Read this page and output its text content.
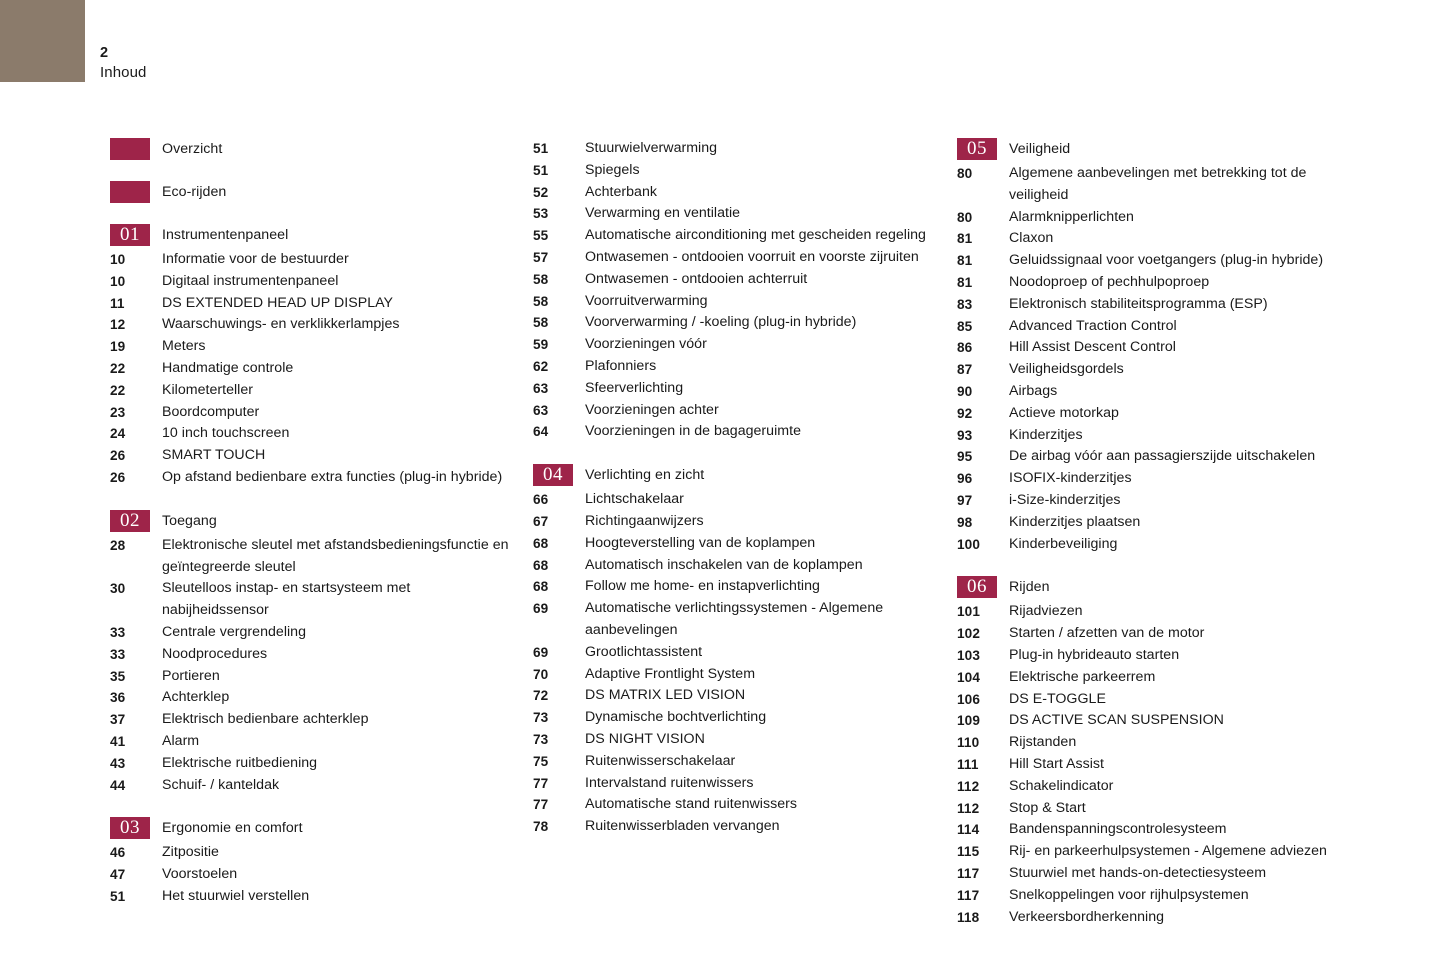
2
Inhoud
Overzicht
Eco-rijden
01 Instrumentenpaneel
10	Informatie voor de bestuurder
10	Digitaal instrumentenpaneel
11	DS EXTENDED HEAD UP DISPLAY
12	Waarschuwings- en verklikkerlampjes
19	Meters
22	Handmatige controle
22	Kilometerteller
23	Boordcomputer
24	10 inch touchscreen
26	SMART TOUCH
26	Op afstand bedienbare extra functies (plug-in hybride)
02 Toegang
28	Elektronische sleutel met afstandsbedieningsfunctie en geïntegreerde sleutel
30	Sleutelloos instap- en startsysteem met nabijheidssensor
33	Centrale vergrendeling
33	Noodprocedures
35	Portieren
36	Achterklep
37	Elektrisch bedienbare achterklep
41	Alarm
43	Elektrische ruitbediening
44	Schuif- / kanteldak
03 Ergonomie en comfort
46	Zitpositie
47	Voorstoelen
51	Het stuurwiel verstellen
51	Stuurwielverwarming
51	Spiegels
52	Achterbank
53	Verwarming en ventilatie
55	Automatische airconditioning met gescheiden regeling
57	Ontwasemen - ontdooien voorruit en voorste zijruiten
58	Ontwasemen - ontdooien achterruit
58	Voorruitverwarming
58	Voorverwarming / -koeling (plug-in hybride)
59	Voorzieningen vóór
62	Plafonniers
63	Sfeerverlichting
63	Voorzieningen achter
64	Voorzieningen in de bagageruimte
04 Verlichting en zicht
66	Lichtschakelaar
67	Richtingaanwijzers
68	Hoogteverstelling van de koplampen
68	Automatisch inschakelen van de koplampen
68	Follow me home- en instapverlichting
69	Automatische verlichtingssystemen - Algemene aanbevelingen
69	Grootlichtassistent
70	Adaptive Frontlight System
72	DS MATRIX LED VISION
73	Dynamische bochtverlichting
73	DS NIGHT VISION
75	Ruitenwisserschakelaar
77	Intervalstand ruitenwissers
77	Automatische stand ruitenwissers
78	Ruitenwisserbladen vervangen
05 Veiligheid
80	Algemene aanbevelingen met betrekking tot de veiligheid
80	Alarmknipperlichten
81	Claxon
81	Geluidssignaal voor voetgangers (plug-in hybride)
81	Noodoproep of pechhulpoproep
83	Elektronisch stabiliteitsprogramma (ESP)
85	Advanced Traction Control
86	Hill Assist Descent Control
87	Veiligheidsgordels
90	Airbags
92	Actieve motorkap
93	Kinderzitjes
95	De airbag vóór aan passagierszijde uitschakelen
96	ISOFIX-kinderzitjes
97	i-Size-kinderzitjes
98	Kinderzitjes plaatsen
100	Kinderbeveiliging
06 Rijden
101	Rijadviezen
102	Starten / afzetten van de motor
103	Plug-in hybrideauto starten
104	Elektrische parkeerrem
106	DS E-TOGGLE
109	DS ACTIVE SCAN SUSPENSION
110	Rijstanden
111	Hill Start Assist
112	Schakelindicator
112	Stop & Start
114	Bandenspanningscontrolesysteem
115	Rij- en parkeerhulpsystemen - Algemene adviezen
117	Stuurwiel met hands-on-detectiesysteem
117	Snelkoppelingen voor rijhulpsystemen
118	Verkeersbordherkenning
